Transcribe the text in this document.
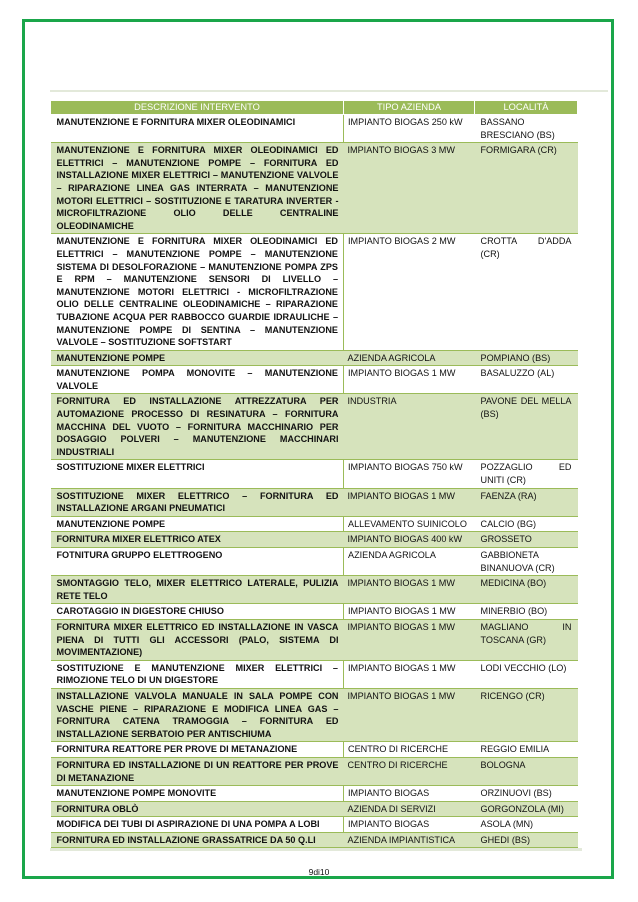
DESCRIZIONE INTERVENTO	TIPO AZIENDA	LOCALITÀ
MANUTENZIONE E FORNITURA MIXER OLEODINAMICI	IMPIANTO BIOGAS 250 kW	BASSANO BRESCIANO (BS)
MANUTENZIONE E FORNITURA MIXER OLEODINAMICI ED ELETTRICI – MANUTENZIONE POMPE – FORNITURA ED INSTALLAZIONE MIXER ELETTRICI – MANUTENZIONE VALVOLE – RIPARAZIONE LINEA GAS INTERRATA – MANUTENZIONE MOTORI ELETTRICI – SOSTITUZIONE E TARATURA INVERTER - MICROFILTRAZIONE OLIO DELLE CENTRALINE OLEODINAMICHE	IMPIANTO BIOGAS 3 MW	FORMIGARA (CR)
MANUTENZIONE E FORNITURA MIXER OLEODINAMICI ED ELETTRICI – MANUTENZIONE POMPE – MANUTENZIONE SISTEMA DI DESOLFORAZIONE – MANUTENZIONE POMPA ZPS E RPM – MANUTENZIONE SENSORI DI LIVELLO – MANUTENZIONE MOTORI ELETTRICI - MICROFILTRAZIONE OLIO DELLE CENTRALINE OLEODINAMICHE – RIPARAZIONE TUBAZIONE ACQUA PER RABBOCCO GUARDIE IDRAULICHE – MANUTENZIONE POMPE DI SENTINA – MANUTENZIONE VALVOLE – SOSTITUZIONE SOFTSTART	IMPIANTO BIOGAS 2 MW	CROTTA D'ADDA (CR)
MANUTENZIONE POMPE	AZIENDA AGRICOLA	POMPIANO (BS)
MANUTENZIONE POMPA MONOVITE – MANUTENZIONE VALVOLE	IMPIANTO BIOGAS 1 MW	BASALUZZO (AL)
FORNITURA ED INSTALLAZIONE ATTREZZATURA PER AUTOMAZIONE PROCESSO DI RESINATURA – FORNITURA MACCHINA DEL VUOTO – FORNITURA MACCHINARIO PER DOSAGGIO POLVERI – MANUTENZIONE MACCHINARI INDUSTRIALI	INDUSTRIA	PAVONE DEL MELLA (BS)
SOSTITUZIONE MIXER ELETTRICI	IMPIANTO BIOGAS 750 kW	POZZAGLIO ED UNITI (CR)
SOSTITUZIONE MIXER ELETTRICO – FORNITURA ED INSTALLAZIONE ARGANI PNEUMATICI	IMPIANTO BIOGAS 1 MW	FAENZA (RA)
MANUTENZIONE POMPE	ALLEVAMENTO SUINICOLO	CALCIO (BG)
FORNITURA MIXER ELETTRICO ATEX	IMPIANTO BIOGAS 400 kW	GROSSETO
FOTNITURA GRUPPO ELETTROGENO	AZIENDA AGRICOLA	GABBIONETA BINANUOVA (CR)
SMONTAGGIO TELO, MIXER ELETTRICO LATERALE, PULIZIA RETE TELO	IMPIANTO BIOGAS 1 MW	MEDICINA (BO)
CAROTAGGIO IN DIGESTORE CHIUSO	IMPIANTO BIOGAS 1 MW	MINERBIO (BO)
FORNITURA MIXER ELETTRICO ED INSTALLAZIONE IN VASCA PIENA DI TUTTI GLI ACCESSORI (PALO, SISTEMA DI MOVIMENTAZIONE)	IMPIANTO BIOGAS 1 MW	MAGLIANO IN TOSCANA (GR)
SOSTITUZIONE E MANUTENZIONE MIXER ELETTRICI – RIMOZIONE TELO DI UN DIGESTORE	IMPIANTO BIOGAS 1 MW	LODI VECCHIO (LO)
INSTALLAZIONE VALVOLA MANUALE IN SALA POMPE CON VASCHE PIENE – RIPARAZIONE E MODIFICA LINEA GAS – FORNITURA CATENA TRAMOGGIA – FORNITURA ED INSTALLAZIONE SERBATOIO PER ANTISCHIUMA	IMPIANTO BIOGAS 1 MW	RICENGO (CR)
FORNITURA REATTORE PER PROVE DI METANAZIONE	CENTRO DI RICERCHE	REGGIO EMILIA
FORNITURA ED INSTALLAZIONE DI UN REATTORE PER PROVE DI METANAZIONE	CENTRO DI RICERCHE	BOLOGNA
MANUTENZIONE POMPE MONOVITE	IMPIANTO BIOGAS	ORZINUOVI (BS)
FORNITURA OBLÒ	AZIENDA DI SERVIZI	GORGONZOLA (MI)
MODIFICA DEI TUBI DI ASPIRAZIONE DI UNA POMPA A LOBI	IMPIANTO BIOGAS	ASOLA (MN)
FORNITURA ED INSTALLAZIONE GRASSATRICE DA 50 Q.LI	AZIENDA IMPIANTISTICA	GHEDI (BS)
9di10
